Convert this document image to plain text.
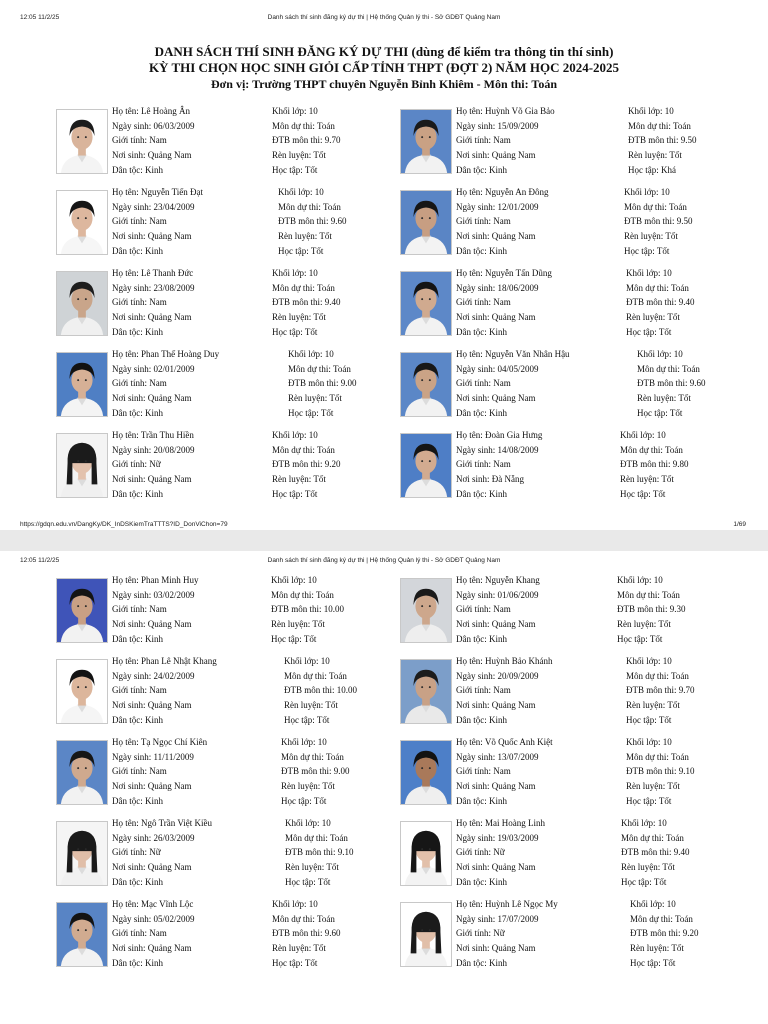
12:05 11/2/25	Danh sách thí sinh đăng ký dự thi | Hệ thống Quản lý thi - Sở GDĐT Quảng Nam
DANH SÁCH THÍ SINH ĐĂNG KÝ DỰ THI (dùng để kiểm tra thông tin thí sinh)
KỲ THI CHỌN HỌC SINH GIỎI CẤP TỈNH THPT (ĐỢT 2) NĂM HỌC 2024-2025
Đơn vị: Trường THPT chuyên Nguyễn Bỉnh Khiêm - Môn thi: Toán
Họ tên: Lê Hoàng Ân
Ngày sinh: 06/03/2009
Giới tính: Nam
Nơi sinh: Quảng Nam
Dân tộc: Kinh
Khối lớp: 10
Môn dự thi: Toán
ĐTB môn thi: 9.70
Rèn luyện: Tốt
Học tập: Tốt
Họ tên: Huỳnh Võ Gia Bảo
Ngày sinh: 15/09/2009
Giới tính: Nam
Nơi sinh: Quảng Nam
Dân tộc: Kinh
Khối lớp: 10
Môn dự thi: Toán
ĐTB môn thi: 9.50
Rèn luyện: Tốt
Học tập: Khá
Họ tên: Nguyễn Tiến Đạt
Ngày sinh: 23/04/2009
Giới tính: Nam
Nơi sinh: Quảng Nam
Dân tộc: Kinh
Khối lớp: 10
Môn dự thi: Toán
ĐTB môn thi: 9.60
Rèn luyện: Tốt
Học tập: Tốt
Họ tên: Nguyễn An Đông
Ngày sinh: 12/01/2009
Giới tính: Nam
Nơi sinh: Quảng Nam
Dân tộc: Kinh
Khối lớp: 10
Môn dự thi: Toán
ĐTB môn thi: 9.50
Rèn luyện: Tốt
Học tập: Tốt
Họ tên: Lê Thanh Đức
Ngày sinh: 23/08/2009
Giới tính: Nam
Nơi sinh: Quảng Nam
Dân tộc: Kinh
Khối lớp: 10
Môn dự thi: Toán
ĐTB môn thi: 9.40
Rèn luyện: Tốt
Học tập: Tốt
Họ tên: Nguyễn Tấn Dũng
Ngày sinh: 18/06/2009
Giới tính: Nam
Nơi sinh: Quảng Nam
Dân tộc: Kinh
Khối lớp: 10
Môn dự thi: Toán
ĐTB môn thi: 9.40
Rèn luyện: Tốt
Học tập: Tốt
Họ tên: Phan Thế Hoàng Duy
Ngày sinh: 02/01/2009
Giới tính: Nam
Nơi sinh: Quảng Nam
Dân tộc: Kinh
Khối lớp: 10
Môn dự thi: Toán
ĐTB môn thi: 9.00
Rèn luyện: Tốt
Học tập: Tốt
Họ tên: Nguyễn Văn Nhân Hậu
Ngày sinh: 04/05/2009
Giới tính: Nam
Nơi sinh: Quảng Nam
Dân tộc: Kinh
Khối lớp: 10
Môn dự thi: Toán
ĐTB môn thi: 9.60
Rèn luyện: Tốt
Học tập: Tốt
Họ tên: Trần Thu Hiền
Ngày sinh: 20/08/2009
Giới tính: Nữ
Nơi sinh: Quảng Nam
Dân tộc: Kinh
Khối lớp: 10
Môn dự thi: Toán
ĐTB môn thi: 9.20
Rèn luyện: Tốt
Học tập: Tốt
Họ tên: Đoàn Gia Hưng
Ngày sinh: 14/08/2009
Giới tính: Nam
Nơi sinh: Đà Nẵng
Dân tộc: Kinh
Khối lớp: 10
Môn dự thi: Toán
ĐTB môn thi: 9.80
Rèn luyện: Tốt
Học tập: Tốt
https://gdqn.edu.vn/DangKy/DK_InDSKiemTraTTTS?ID_DonViChon=79	1/69
12:05 11/2/25	Danh sách thí sinh đăng ký dự thi | Hệ thống Quản lý thi - Sở GDĐT Quảng Nam
Họ tên: Phan Minh Huy
Ngày sinh: 03/02/2009
Giới tính: Nam
Nơi sinh: Quảng Nam
Dân tộc: Kinh
Khối lớp: 10
Môn dự thi: Toán
ĐTB môn thi: 10.00
Rèn luyện: Tốt
Học tập: Tốt
Họ tên: Nguyễn Khang
Ngày sinh: 01/06/2009
Giới tính: Nam
Nơi sinh: Quảng Nam
Dân tộc: Kinh
Khối lớp: 10
Môn dự thi: Toán
ĐTB môn thi: 9.30
Rèn luyện: Tốt
Học tập: Tốt
Họ tên: Phan Lê Nhật Khang
Ngày sinh: 24/02/2009
Giới tính: Nam
Nơi sinh: Quảng Nam
Dân tộc: Kinh
Khối lớp: 10
Môn dự thi: Toán
ĐTB môn thi: 10.00
Rèn luyện: Tốt
Học tập: Tốt
Họ tên: Huỳnh Bảo Khánh
Ngày sinh: 20/09/2009
Giới tính: Nam
Nơi sinh: Quảng Nam
Dân tộc: Kinh
Khối lớp: 10
Môn dự thi: Toán
ĐTB môn thi: 9.70
Rèn luyện: Tốt
Học tập: Tốt
Họ tên: Tạ Ngọc Chí Kiên
Ngày sinh: 11/11/2009
Giới tính: Nam
Nơi sinh: Quảng Nam
Dân tộc: Kinh
Khối lớp: 10
Môn dự thi: Toán
ĐTB môn thi: 9.00
Rèn luyện: Tốt
Học tập: Tốt
Họ tên: Võ Quốc Anh Kiệt
Ngày sinh: 13/07/2009
Giới tính: Nam
Nơi sinh: Quảng Nam
Dân tộc: Kinh
Khối lớp: 10
Môn dự thi: Toán
ĐTB môn thi: 9.10
Rèn luyện: Tốt
Học tập: Tốt
Họ tên: Ngô Trần Việt Kiều
Ngày sinh: 26/03/2009
Giới tính: Nữ
Nơi sinh: Quảng Nam
Dân tộc: Kinh
Khối lớp: 10
Môn dự thi: Toán
ĐTB môn thi: 9.10
Rèn luyện: Tốt
Học tập: Tốt
Họ tên: Mai Hoàng Linh
Ngày sinh: 19/03/2009
Giới tính: Nữ
Nơi sinh: Quảng Nam
Dân tộc: Kinh
Khối lớp: 10
Môn dự thi: Toán
ĐTB môn thi: 9.40
Rèn luyện: Tốt
Học tập: Tốt
Họ tên: Mạc Vĩnh Lộc
Ngày sinh: 05/02/2009
Giới tính: Nam
Nơi sinh: Quảng Nam
Dân tộc: Kinh
Khối lớp: 10
Môn dự thi: Toán
ĐTB môn thi: 9.60
Rèn luyện: Tốt
Học tập: Tốt
Họ tên: Huỳnh Lê Ngọc My
Ngày sinh: 17/07/2009
Giới tính: Nữ
Nơi sinh: Quảng Nam
Dân tộc: Kinh
Khối lớp: 10
Môn dự thi: Toán
ĐTB môn thi: 9.20
Rèn luyện: Tốt
Học tập: Tốt
